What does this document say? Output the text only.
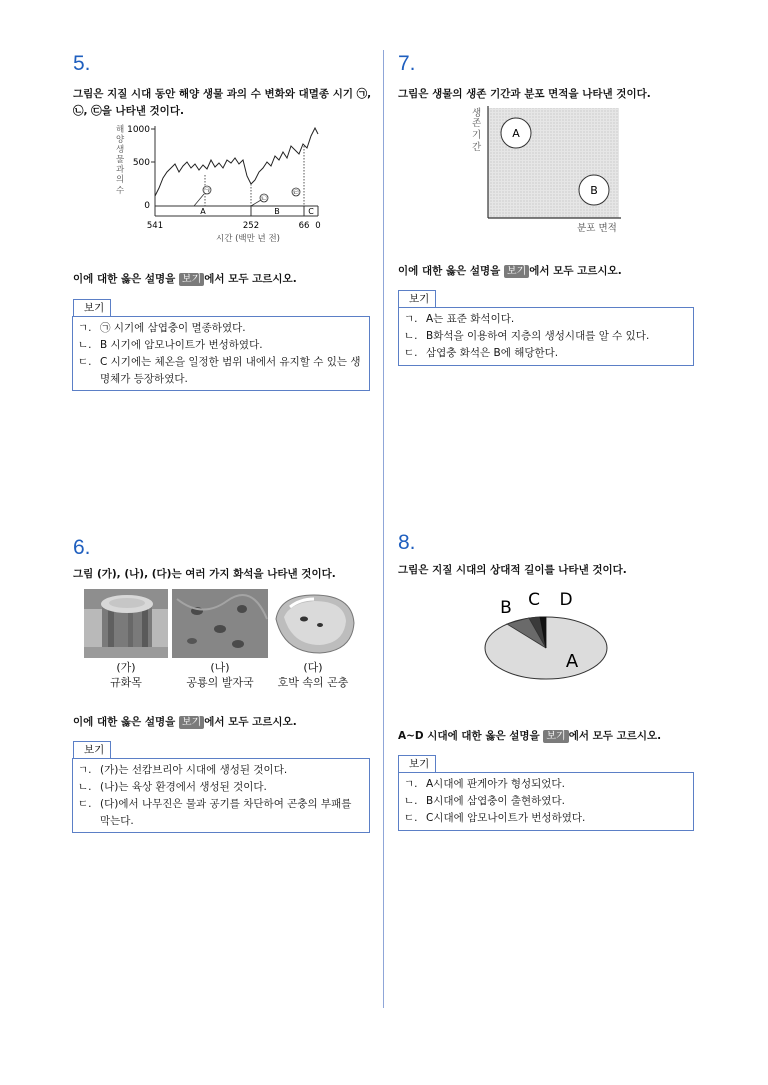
5.
그림은 지질 시대 동안 해양 생물 과의 수 변화와 대멸종 시기 ㉠, ㉡, ㉢을 나타낸 것이다.
해
양
생
물
과
의
수
1000
500
0
㉠
㉡
㉢
A	B	C
541	252	66 0
시간 (백만 년 전)
이에 대한 옳은 설명을 보기 에서 모두 고르시오.
보기
ㄱ. ㉠ 시기에 삼엽충이 멸종하였다.
ㄴ. B 시기에 암모나이트가 번성하였다.
ㄷ. C 시기에는 체온을 일정한 범위 내에서 유지할 수 있는 생명체가 등장하였다.
7.
그림은 생물의 생존 기간과 분포 면적을 나타낸 것이다.
생
존
기
간
A
B
분포 면적
이에 대한 옳은 설명을 보기 에서 모두 고르시오.
보기
ㄱ. A는 표준 화석이다.
ㄴ. B화석을 이용하여 지층의 생성시대를 알 수 있다.
ㄷ. 삼엽충 화석은 B에 해당한다.
6.
그림 (가), (나), (다)는 여러 가지 화석을 나타낸 것이다.
(가)
규화목
(나)
공룡의 발자국
(다)
호박 속의 곤충
이에 대한 옳은 설명을 보기 에서 모두 고르시오.
보기
ㄱ. (가)는 선캄브리아 시대에 생성된 것이다.
ㄴ. (나)는 육상 환경에서 생성된 것이다.
ㄷ. (다)에서 나무진은 물과 공기를 차단하여 곤충의 부패를 막는다.
8.
그림은 지질 시대의 상대적 길이를 나타낸 것이다.
B C D
A
A~D 시대에 대한 옳은 설명을 보기 에서 모두 고르시오.
보기
ㄱ. A시대에 판게아가 형성되었다.
ㄴ. B시대에 삼엽충이 출현하였다.
ㄷ. C시대에 암모나이트가 번성하였다.
